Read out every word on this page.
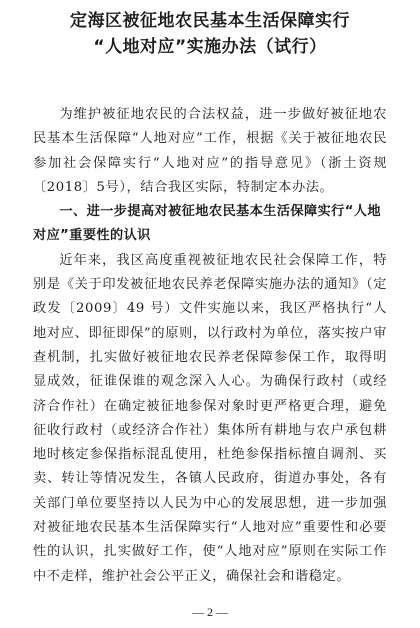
定海区被征地农民基本生活保障实行
“人地对应”实施办法（试行）

为维护被征地农民的合法权益，进一步做好被征地农民基本生活保障“人地对应”工作，根据《关于被征地农民参加社会保障实行“人地对应”的指导意见》（浙土资规〔2018〕5号），结合我区实际，特制定本办法。

一、进一步提高对被征地农民基本生活保障实行“人地对应”重要性的认识

近年来，我区高度重视被征地农民社会保障工作，特别是《关于印发被征地农民养老保障实施办法的通知》（定政发〔2009〕49 号）文件实施以来，我区严格执行“人地对应、即征即保”的原则，以行政村为单位，落实按户审查机制，扎实做好被征地农民养老保障参保工作，取得明显成效，征谁保谁的观念深入人心。为确保行政村（或经济合作社）在确定被征地参保对象时更严格更合理，避免征收行政村（或经济合作社）集体所有耕地与农户承包耕地时核定参保指标混乱使用，杜绝参保指标擅自调剂、买卖、转让等情况发生，各镇人民政府，街道办事处，各有关部门单位要坚持以人民为中心的发展思想，进一步加强对被征地农民基本生活保障实行“人地对应”重要性和必要性的认识，扎实做好工作，使“人地对应”原则在实际工作中不走样，维护社会公平正义，确保社会和谐稳定。

— 2 —
